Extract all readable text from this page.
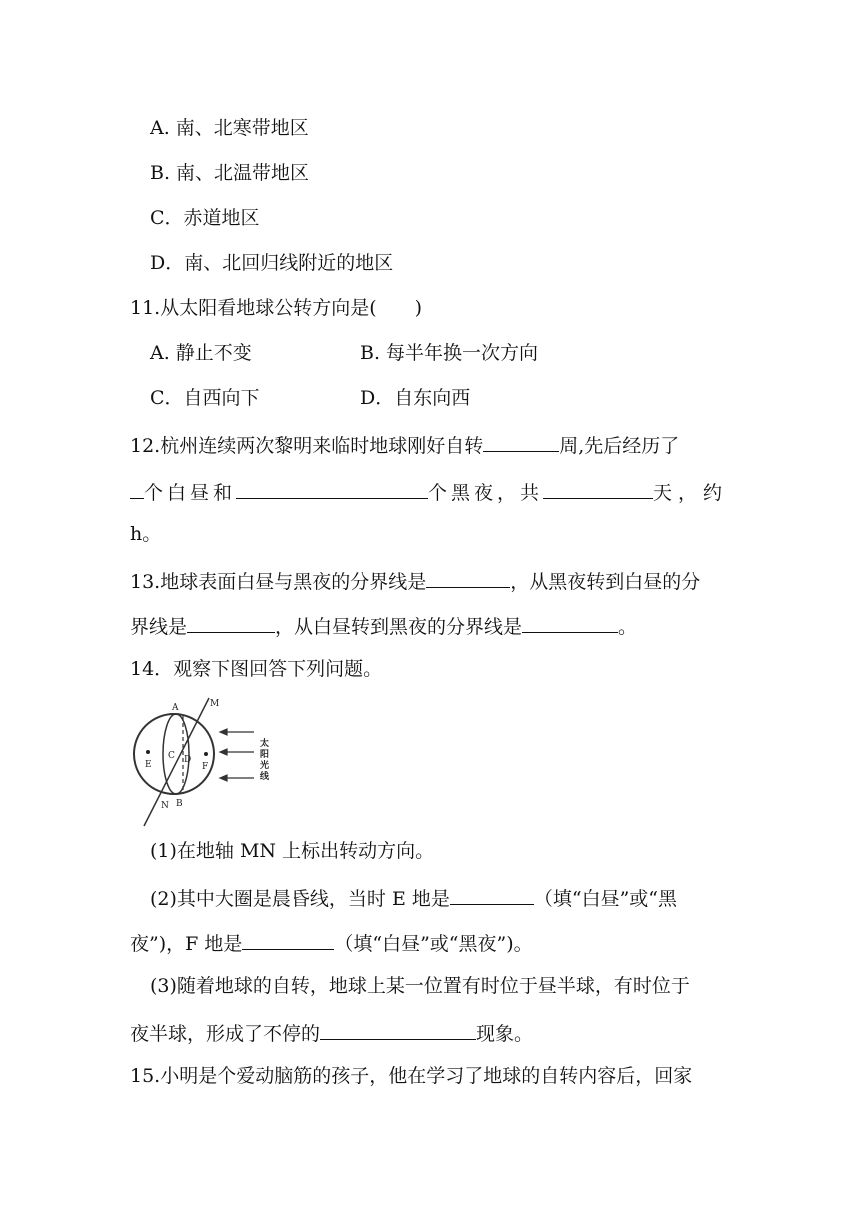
A. 南、北寒带地区
B. 南、北温带地区
C．赤道地区
D．南、北回归线附近的地区
11.从太阳看地球公转方向是(　　)
A. 静止不变	B. 每半年换一次方向
C．自西向下	D．自东向西
12.杭州连续两次黎明来临时地球刚好自转	周,先后经历了
个白昼和	个黑夜，共	天，约
h。
13.地球表面白昼与黑夜的分界线是	，从黑夜转到白昼的分
界线是	，从白昼转到黑夜的分界线是	。
14．观察下图回答下列问题。
A
B
C D
E	F
M
N
太
阳
光
线
(1)在地轴 MN 上标出转动方向。
(2)其中大圈是晨昏线，当时 E 地是	（填“白昼”或“黑
夜”)，F 地是	（填“白昼”或“黑夜”)。
(3)随着地球的自转，地球上某一位置有时位于昼半球，有时位于
夜半球，形成了不停的	现象。
15.小明是个爱动脑筋的孩子，他在学习了地球的自转内容后，回家
